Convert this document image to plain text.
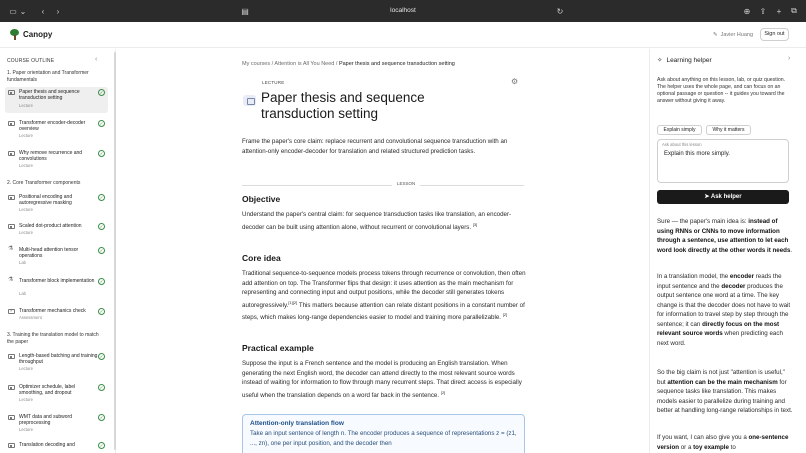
▭ ⌄	‹	›	▤	localhost	↻	⊕ ⇪	+	⧉
Canopy	✎ Javier Huang	Sign out
COURSE OUTLINE	‹
1. Paper orientation and Transformer fundamentals
Paper thesis and sequence transduction setting
Lecture
✓
Transformer encoder-decoder overview
Lecture
✓
Why remove recurrence and convolutions
Lecture
✓
2. Core Transformer components
Positional encoding and autoregressive masking
Lecture
✓
Scaled dot-product attention
Lecture
✓
⚗
Multi-head attention tensor operations
Lab
✓
⚗
Transformer block implementation
Lab
✓
✓
Transformer mechanics check
Assessment
✓
3. Training the translation model to match the paper
Length-based batching and training throughput
Lecture
✓
Optimizer schedule, label smoothing, and dropout
Lecture
✓
WMT data and subword preprocessing
Lecture
✓
Translation decoding and	✓
My courses / Attention is All You Need / Paper thesis and sequence transduction setting
LECTURE	⚙
Paper thesis and sequence transduction setting
Frame the paper's core claim: replace recurrent and convolutional sequence transduction with an attention-only encoder-decoder for translation and related structured prediction tasks.
LESSON
Objective
Understand the paper's central claim: for sequence transduction tasks like translation, an encoder-decoder can be built using attention alone, without recurrent or convolutional layers. [3]
Core idea
Traditional sequence-to-sequence models process tokens through recurrence or convolution, then often add attention on top. The Transformer flips that design: it uses attention as the main mechanism for representing and connecting input and output positions, while the decoder still generates tokens autoregressively.[1][2] This matters because attention can relate distant positions in a constant number of steps, which makes long-range dependencies easier to model and training more parallelizable. [2]
Practical example
Suppose the input is a French sentence and the model is producing an English translation. When generating the next English word, the decoder can attend directly to the most relevant source words instead of waiting for information to flow through many recurrent steps. That direct access is especially useful when the translation depends on a word far back in the sentence. [2]
Attention-only translation flow
Take an input sentence of length n. The encoder produces a sequence of representations z = (z1, ..., zn), one per input position, and the decoder then
✧ Learning helper	›
Ask about anything on this lesson, lab, or quiz question. The helper uses the whole page, and can focus on an optional passage or question -- it guides you toward the answer without giving it away.
Explain simply	Why it matters
Ask about this lesson
Explain this more simply.
➤ Ask helper
Sure — the paper's main idea is: instead of using RNNs or CNNs to move information through a sentence, use attention to let each word look directly at the other words it needs.
In a translation model, the encoder reads the input sentence and the decoder produces the output sentence one word at a time. The key change is that the decoder does not have to wait for information to travel step by step through the sentence; it can directly focus on the most relevant source words when predicting each next word.
So the big claim is not just "attention is useful," but attention can be the main mechanism for sequence tasks like translation. This makes models easier to parallelize during training and better at handling long-range relationships in text.
If you want, I can also give you a one-sentence version or a toy example to
